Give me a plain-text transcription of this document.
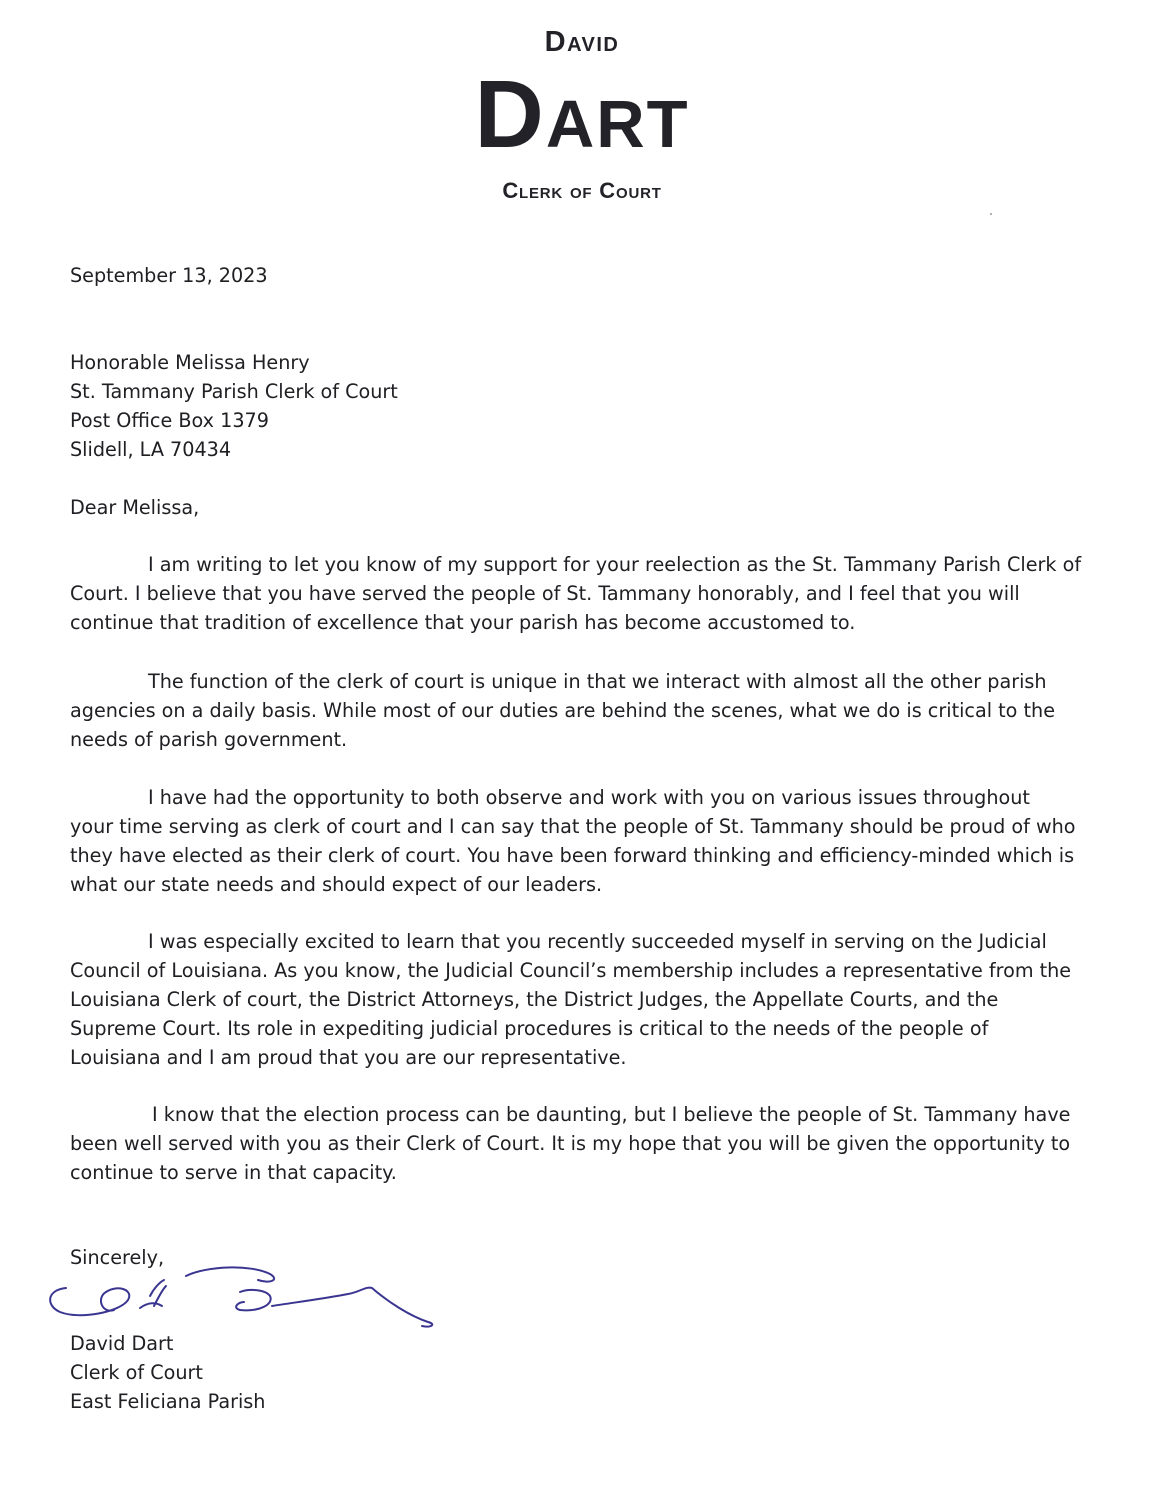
David
Dart
Clerk of Court
September 13, 2023
Honorable Melissa Henry
St. Tammany Parish Clerk of Court
Post Office Box 1379
Slidell, LA 70434
Dear Melissa,
I am writing to let you know of my support for your reelection as the St. Tammany Parish Clerk of
Court. I believe that you have served the people of St. Tammany honorably, and I feel that you will
continue that tradition of excellence that your parish has become accustomed to.
The function of the clerk of court is unique in that we interact with almost all the other parish
agencies on a daily basis. While most of our duties are behind the scenes, what we do is critical to the
needs of parish government.
I have had the opportunity to both observe and work with you on various issues throughout
your time serving as clerk of court and I can say that the people of St. Tammany should be proud of who
they have elected as their clerk of court. You have been forward thinking and efficiency-minded which is
what our state needs and should expect of our leaders.
I was especially excited to learn that you recently succeeded myself in serving on the Judicial
Council of Louisiana. As you know, the Judicial Council’s membership includes a representative from the
Louisiana Clerk of court, the District Attorneys, the District Judges, the Appellate Courts, and the
Supreme Court. Its role in expediting judicial procedures is critical to the needs of the people of
Louisiana and I am proud that you are our representative.
I know that the election process can be daunting, but I believe the people of St. Tammany have
been well served with you as their Clerk of Court. It is my hope that you will be given the opportunity to
continue to serve in that capacity.
Sincerely,
David Dart
Clerk of Court
East Feliciana Parish
